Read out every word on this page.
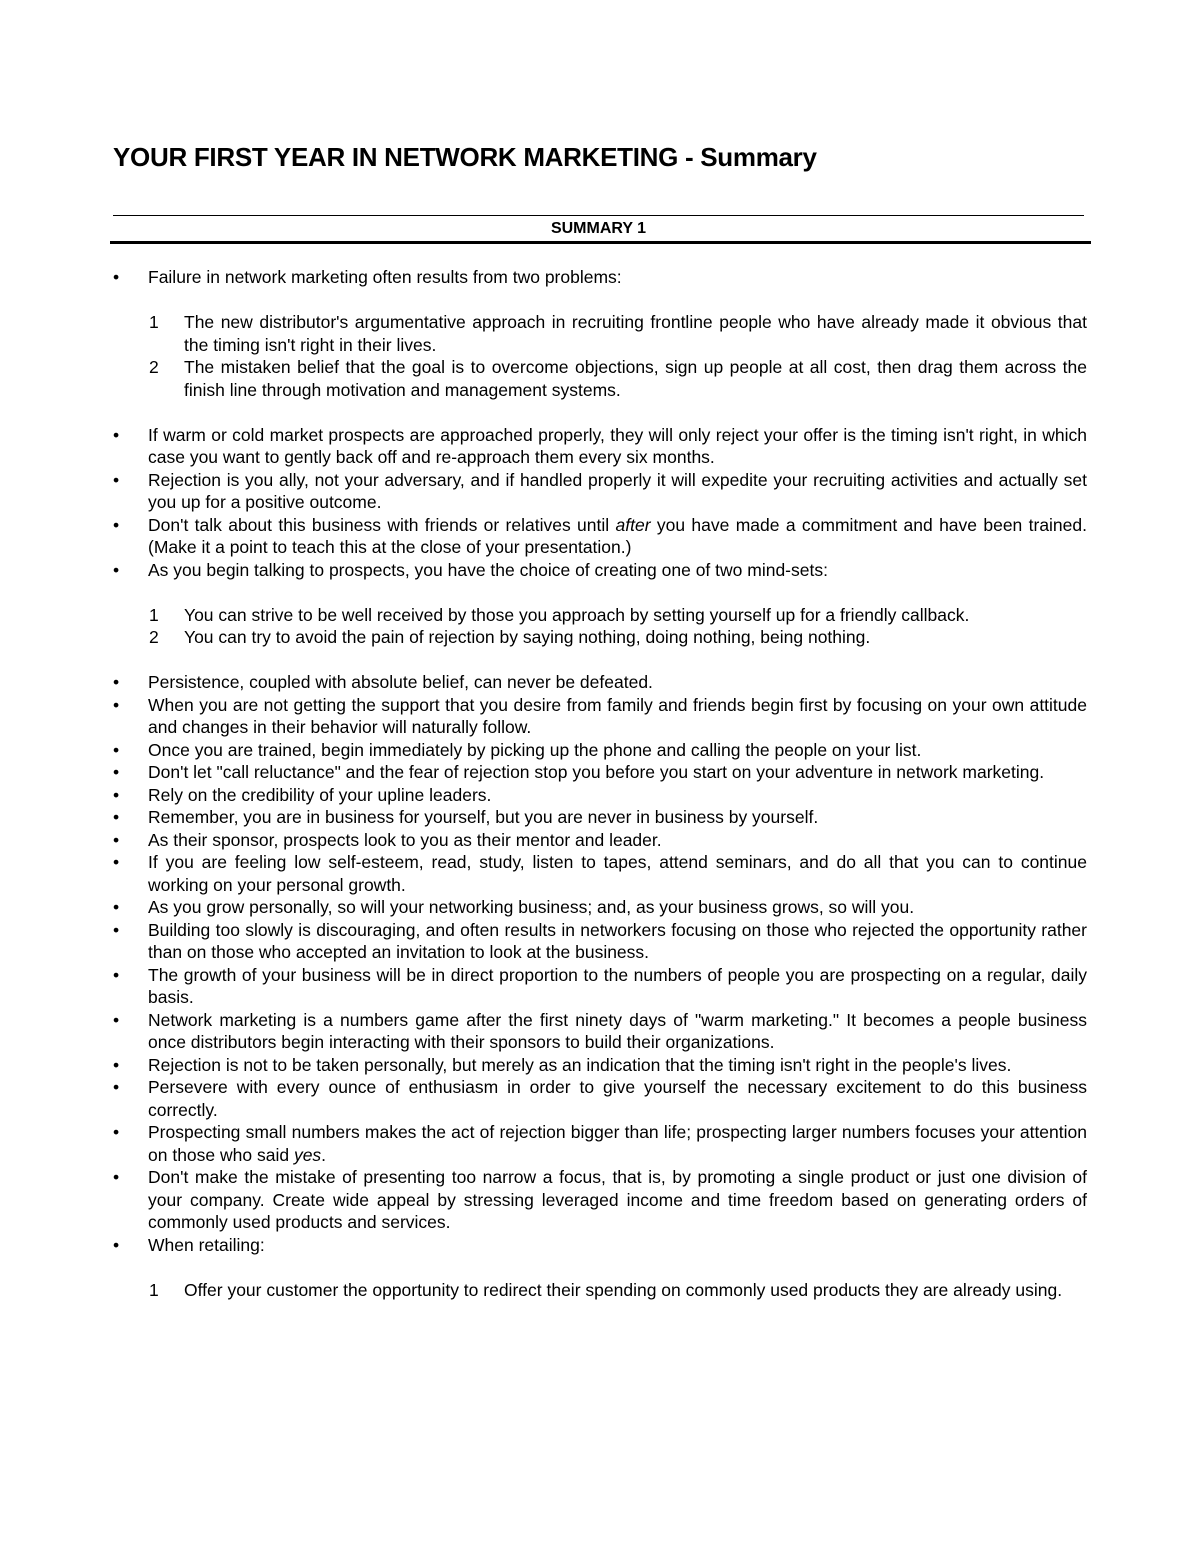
YOUR FIRST YEAR IN NETWORK MARKETING - Summary
SUMMARY 1
• Failure in network marketing often results from two problems:
1 The new distributor's argumentative approach in recruiting frontline people who have already made it obvious that the timing isn't right in their lives.
2 The mistaken belief that the goal is to overcome objections, sign up people at all cost, then drag them across the finish line through motivation and management systems.
• If warm or cold market prospects are approached properly, they will only reject your offer is the timing isn't right, in which case you want to gently back off and re-approach them every six months.
• Rejection is you ally, not your adversary, and if handled properly it will expedite your recruiting activities and actually set you up for a positive outcome.
• Don't talk about this business with friends or relatives until after you have made a commitment and have been trained. (Make it a point to teach this at the close of your presentation.)
• As you begin talking to prospects, you have the choice of creating one of two mind-sets:
1 You can strive to be well received by those you approach by setting yourself up for a friendly callback.
2 You can try to avoid the pain of rejection by saying nothing, doing nothing, being nothing.
• Persistence, coupled with absolute belief, can never be defeated.
• When you are not getting the support that you desire from family and friends begin first by focusing on your own attitude and changes in their behavior will naturally follow.
• Once you are trained, begin immediately by picking up the phone and calling the people on your list.
• Don't let "call reluctance" and the fear of rejection stop you before you start on your adventure in network marketing.
• Rely on the credibility of your upline leaders.
• Remember, you are in business for yourself, but you are never in business by yourself.
• As their sponsor, prospects look to you as their mentor and leader.
• If you are feeling low self-esteem, read, study, listen to tapes, attend seminars, and do all that you can to continue working on your personal growth.
• As you grow personally, so will your networking business; and, as your business grows, so will you.
• Building too slowly is discouraging, and often results in networkers focusing on those who rejected the opportunity rather than on those who accepted an invitation to look at the business.
• The growth of your business will be in direct proportion to the numbers of people you are prospecting on a regular, daily basis.
• Network marketing is a numbers game after the first ninety days of "warm marketing." It becomes a people business once distributors begin interacting with their sponsors to build their organizations.
• Rejection is not to be taken personally, but merely as an indication that the timing isn't right in the people's lives.
• Persevere with every ounce of enthusiasm in order to give yourself the necessary excitement to do this business correctly.
• Prospecting small numbers makes the act of rejection bigger than life; prospecting larger numbers focuses your attention on those who said yes.
• Don't make the mistake of presenting too narrow a focus, that is, by promoting a single product or just one division of your company. Create wide appeal by stressing leveraged income and time freedom based on generating orders of commonly used products and services.
• When retailing:
1 Offer your customer the opportunity to redirect their spending on commonly used products they are already using.
